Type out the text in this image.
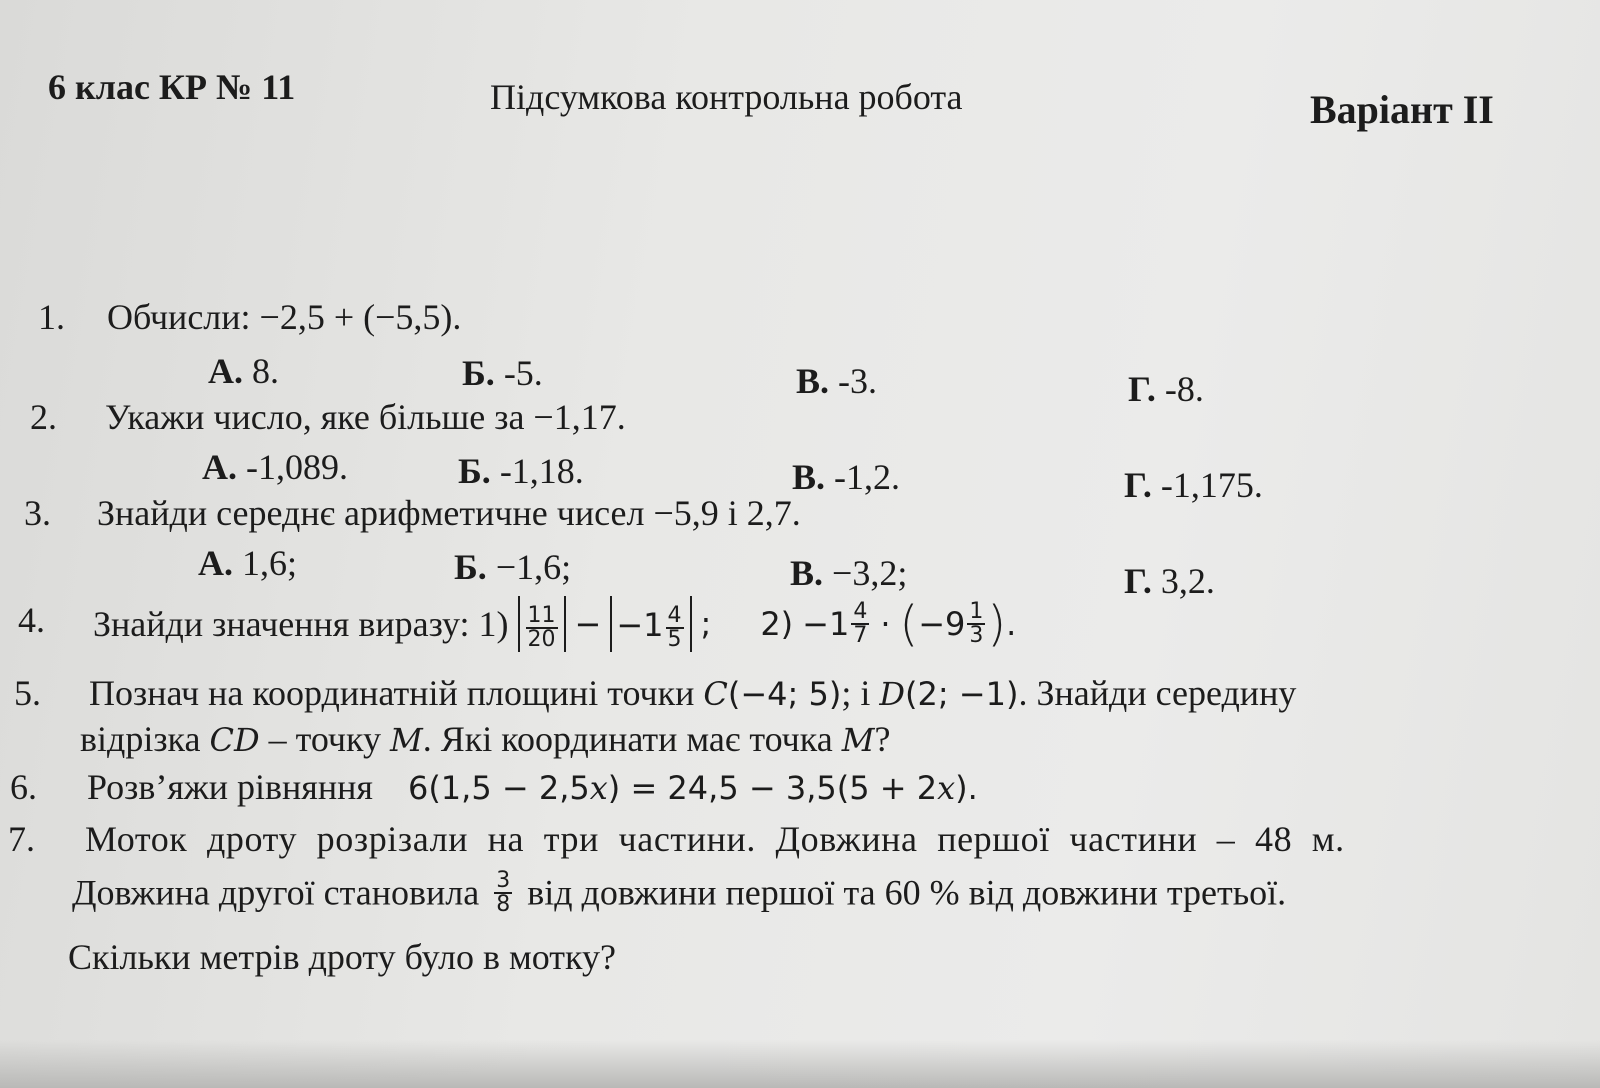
6 клас КР № 11	Підсумкова контрольна робота	Варіант II
1. Обчисли: −2,5 + (−5,5).
А. 8.	Б. -5.	В. -3.	Г. -8.
2. Укажи число, яке більше за −1,17.
А. -1,089.	Б. -1,18.	В. -1,2.	Г. -1,175.
3. Знайди середнє арифметичне чисел −5,9 і 2,7.
А. 1,6;	Б. −1,6;	В. −3,2;	Г. 3,2.
4. Знайди значення виразу: $1) \frac{11}{20} - -1 \frac{4}{5}$ ; $2) -1 \frac{4}{7} \cdot (-9 \frac{1}{3}$ ).
5. Познач на координатній площині точки C(−4; 5); і D(2; −1). Знайди середину
відрізка CD – точку M. Які координати має точка M?
6. Розв’яжи рівняння 6(1,5 − 2,5x) = 24,5 − 3,5(5 + 2x).
7. Моток дроту розрізали на три частини. Довжина першої частини – 48 м.
Довжина другої становила $\frac{3}{8}$ від довжини першої та 60 % від довжини третьої.
Скільки метрів дроту було в мотку?
